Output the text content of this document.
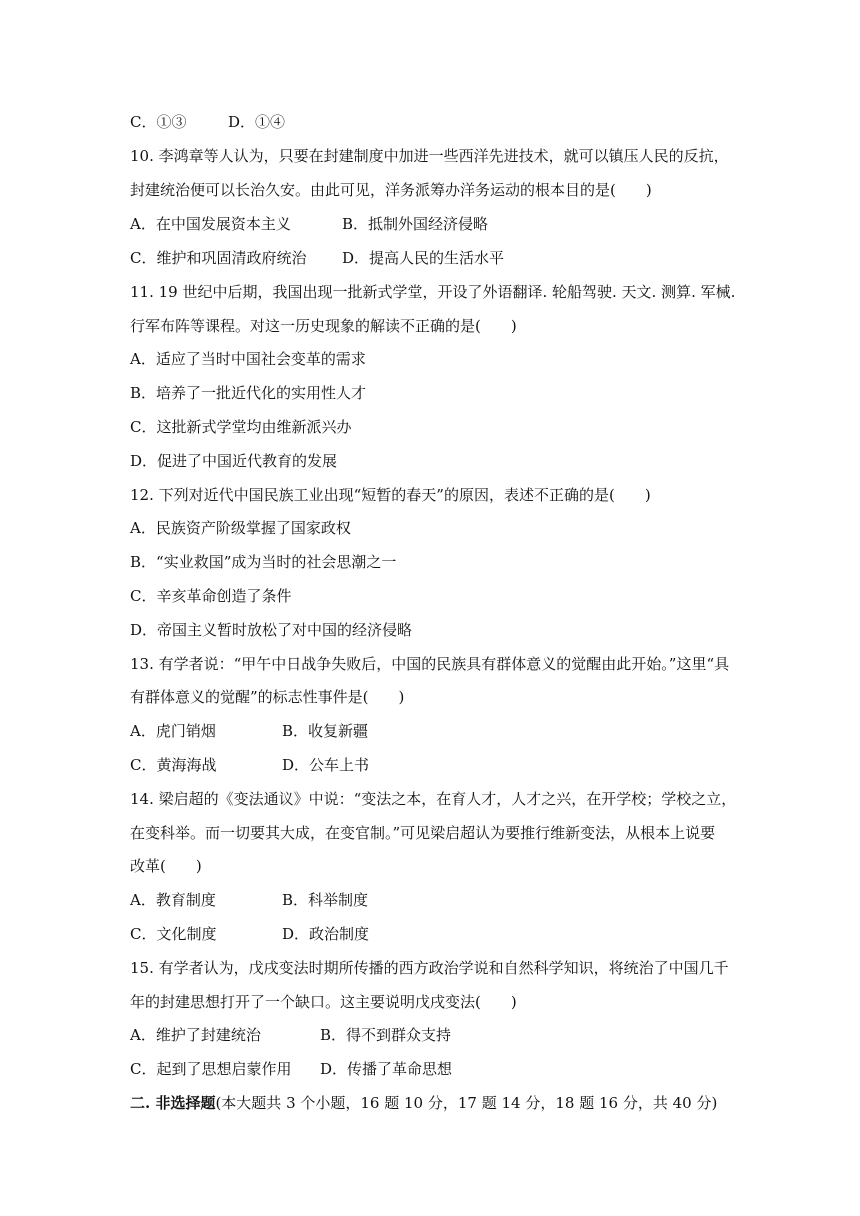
C．①③	D．①④
10. 李鸿章等人认为，只要在封建制度中加进一些西洋先进技术，就可以镇压人民的反抗，
封建统治便可以长治久安。由此可见，洋务派筹办洋务运动的根本目的是(　　)
A．在中国发展资本主义	B．抵制外国经济侵略
C．维护和巩固清政府统治 D．提高人民的生活水平
11. 19 世纪中后期，我国出现一批新式学堂，开设了外语翻译. 轮船驾驶. 天文. 测算. 军械.
行军布阵等课程。对这一历史现象的解读不正确的是(　　)
A．适应了当时中国社会变革的需求
B．培养了一批近代化的实用性人才
C．这批新式学堂均由维新派兴办
D．促进了中国近代教育的发展
12. 下列对近代中国民族工业出现“短暂的春天”的原因，表述不正确的是(　　)
A．民族资产阶级掌握了国家政权
B．“实业救国”成为当时的社会思潮之一
C．辛亥革命创造了条件
D．帝国主义暂时放松了对中国的经济侵略
13. 有学者说：“甲午中日战争失败后，中国的民族具有群体意义的觉醒由此开始。”这里“具
有群体意义的觉醒”的标志性事件是(　　)
A．虎门销烟	B．收复新疆
C．黄海海战	D．公车上书
14. 梁启超的《变法通议》中说：“变法之本，在育人才，人才之兴，在开学校；学校之立，
在变科举。而一切要其大成，在变官制。”可见梁启超认为要推行维新变法，从根本上说要
改革(　　)
A．教育制度	B．科举制度
C．文化制度	D．政治制度
15. 有学者认为，戊戌变法时期所传播的西方政治学说和自然科学知识，将统治了中国几千
年的封建思想打开了一个缺口。这主要说明戊戌变法(　　)
A．维护了封建统治	B．得不到群众支持
C．起到了思想启蒙作用 D．传播了革命思想
二. 非选择题(本大题共 3 个小题，16 题 10 分，17 题 14 分，18 题 16 分，共 40 分)
